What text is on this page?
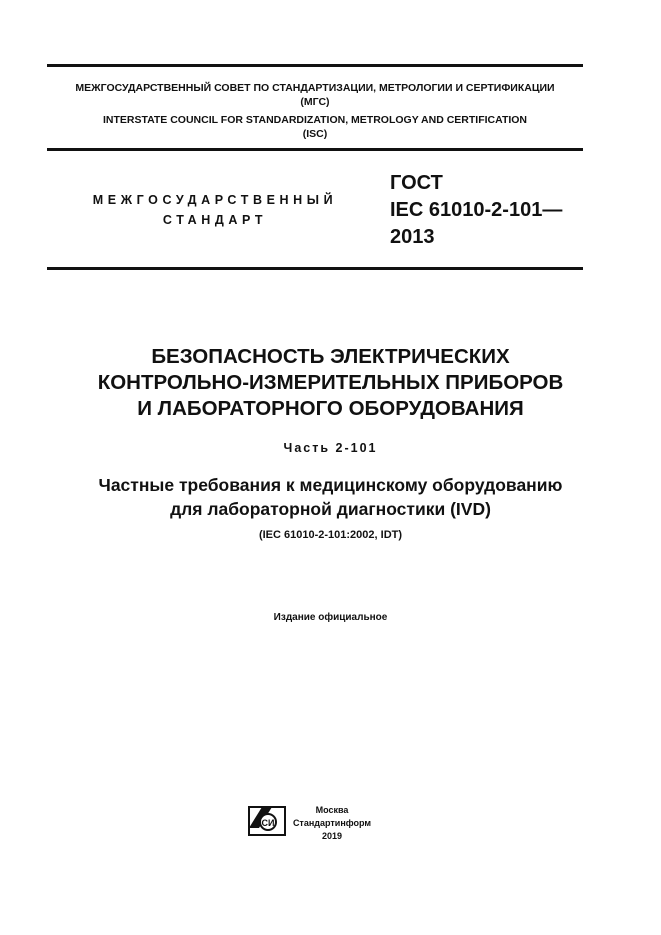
МЕЖГОСУДАРСТВЕННЫЙ СОВЕТ ПО СТАНДАРТИЗАЦИИ, МЕТРОЛОГИИ И СЕРТИФИКАЦИИ
(МГС)
INTERSTATE COUNCIL FOR STANDARDIZATION, METROLOGY AND CERTIFICATION
(ISC)
МЕЖГОСУДАРСТВЕННЫЙ
СТАНДАРТ
ГОСТ
IEC 61010-2-101—
2013
БЕЗОПАСНОСТЬ ЭЛЕКТРИЧЕСКИХ
КОНТРОЛЬНО-ИЗМЕРИТЕЛЬНЫХ ПРИБОРОВ
И ЛАБОРАТОРНОГО ОБОРУДОВАНИЯ
Часть 2-101
Частные требования к медицинскому оборудованию
для лабораторной диагностики (IVD)
(IEC 61010-2-101:2002, IDT)
Издание официальное
СИ
Москва
Стандартинформ
2019
